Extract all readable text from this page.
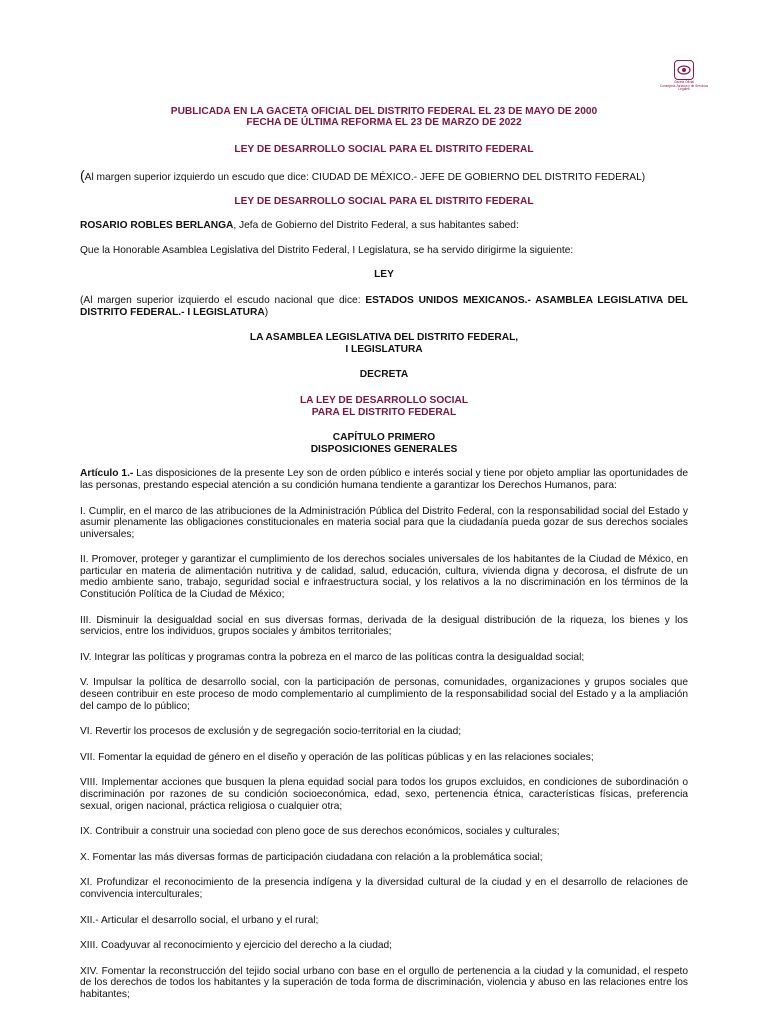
Gaceta Oficial
Consejería Jurídica y de Servicios Legales

PUBLICADA EN LA GACETA OFICIAL DEL DISTRITO FEDERAL EL 23 DE MAYO DE 2000

FECHA DE ÚLTIMA REFORMA EL 23 DE MARZO DE 2022

LEY DE DESARROLLO SOCIAL PARA EL DISTRITO FEDERAL

(Al margen superior izquierdo un escudo que dice: CIUDAD DE MÉXICO.- JEFE DE GOBIERNO DEL DISTRITO FEDERAL)

LEY DE DESARROLLO SOCIAL PARA EL DISTRITO FEDERAL

ROSARIO ROBLES BERLANGA, Jefa de Gobierno del Distrito Federal, a sus habitantes sabed:

Que la Honorable Asamblea Legislativa del Distrito Federal, I Legislatura, se ha servido dirigirme la siguiente:

LEY

(Al margen superior izquierdo el escudo nacional que dice: ESTADOS UNIDOS MEXICANOS.- ASAMBLEA LEGISLATIVA DEL DISTRITO FEDERAL.- I LEGISLATURA)

LA ASAMBLEA LEGISLATIVA DEL DISTRITO FEDERAL,

I LEGISLATURA

DECRETA

LA LEY DE DESARROLLO SOCIAL

PARA EL DISTRITO FEDERAL

CAPÍTULO PRIMERO

DISPOSICIONES GENERALES

Artículo 1.- Las disposiciones de la presente Ley son de orden público e interés social y tiene por objeto ampliar las oportunidades de las personas, prestando especial atención a su condición humana tendiente a garantizar los Derechos Humanos, para:

I. Cumplir, en el marco de las atribuciones de la Administración Pública del Distrito Federal, con la responsabilidad social del Estado y asumir plenamente las obligaciones constitucionales en materia social para que la ciudadanía pueda gozar de sus derechos sociales universales;

II. Promover, proteger y garantizar el cumplimiento de los derechos sociales universales de los habitantes de la Ciudad de México, en particular en materia de alimentación nutritiva y de calidad, salud, educación, cultura, vivienda digna y decorosa, el disfrute de un medio ambiente sano, trabajo, seguridad social e infraestructura social, y los relativos a la no discriminación en los términos de la Constitución Política de la Ciudad de México;

III. Disminuir la desigualdad social en sus diversas formas, derivada de la desigual distribución de la riqueza, los bienes y los servicios, entre los individuos, grupos sociales y ámbitos territoriales;

IV. Integrar las políticas y programas contra la pobreza en el marco de las políticas contra la desigualdad social;

V. Impulsar la política de desarrollo social, con la participación de personas, comunidades, organizaciones y grupos sociales que deseen contribuir en este proceso de modo complementario al cumplimiento de la responsabilidad social del Estado y a la ampliación del campo de lo público;

VI. Revertir los procesos de exclusión y de segregación socio-territorial en la ciudad;

VII. Fomentar la equidad de género en el diseño y operación de las políticas públicas y en las relaciones sociales;

VIII. Implementar acciones que busquen la plena equidad social para todos los grupos excluidos, en condiciones de subordinación o discriminación por razones de su condición socioeconómica, edad, sexo, pertenencia étnica, características físicas, preferencia sexual, origen nacional, práctica religiosa o cualquier otra;

IX. Contribuir a construir una sociedad con pleno goce de sus derechos económicos, sociales y culturales;

X. Fomentar las más diversas formas de participación ciudadana con relación a la problemática social;

XI. Profundizar el reconocimiento de la presencia indígena y la diversidad cultural de la ciudad y en el desarrollo de relaciones de convivencia interculturales;

XII.- Articular el desarrollo social, el urbano y el rural;

XIII. Coadyuvar al reconocimiento y ejercicio del derecho a la ciudad;

XIV. Fomentar la reconstrucción del tejido social urbano con base en el orgullo de pertenencia a la ciudad y la comunidad, el respeto de los derechos de todos los habitantes y la superación de toda forma de discriminación, violencia y abuso en las relaciones entre los habitantes;
